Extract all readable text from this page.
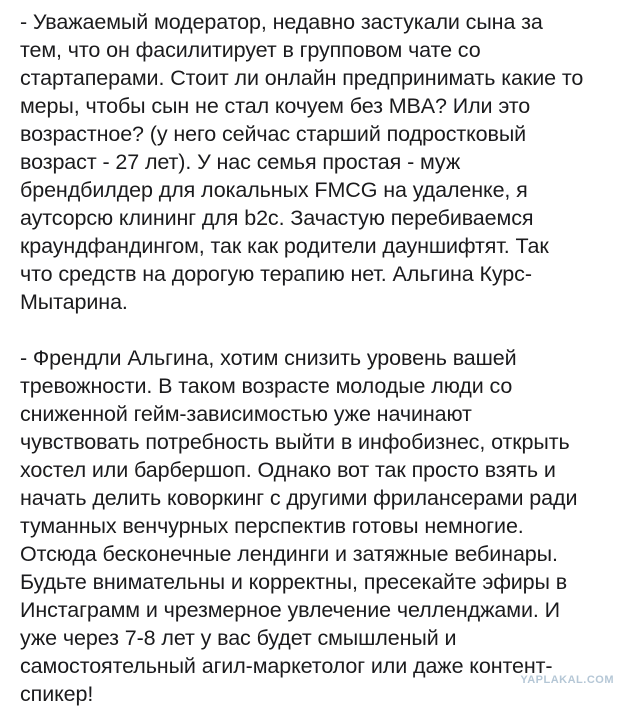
- Уважаемый модератор, недавно застукали сына за
тем, что он фасилитирует в групповом чате со
стартаперами. Стоит ли онлайн предпринимать какие то
меры, чтобы сын не стал кочуем без MBA? Или это
возрастное? (у него сейчас старший подростковый
возраст - 27 лет). У нас семья простая - муж
брендбилдер для локальных FMCG на удаленке, я
аутсорсю клининг для b2c. Зачастую перебиваемся
краундфандингом, так как родители дауншифтят. Так
что средств на дорогую терапию нет. Альгина Курс-
Мытарина.

- Френдли Альгина, хотим снизить уровень вашей
тревожности. В таком возрасте молодые люди со
сниженной гейм-зависимостью уже начинают
чувствовать потребность выйти в инфобизнес, открыть
хостел или барбершоп. Однако вот так просто взять и
начать делить коворкинг с другими фрилансерами ради
туманных венчурных перспектив готовы немногие.
Отсюда бесконечные лендинги и затяжные вебинары.
Будьте внимательны и корректны, пресекайте эфиры в
Инстаграмм и чрезмерное увлечение челленджами. И
уже через 7-8 лет у вас будет смышленый и
самостоятельный агил-маркетолог или даже контент-
спикер!

YAPLAKAL.COM
